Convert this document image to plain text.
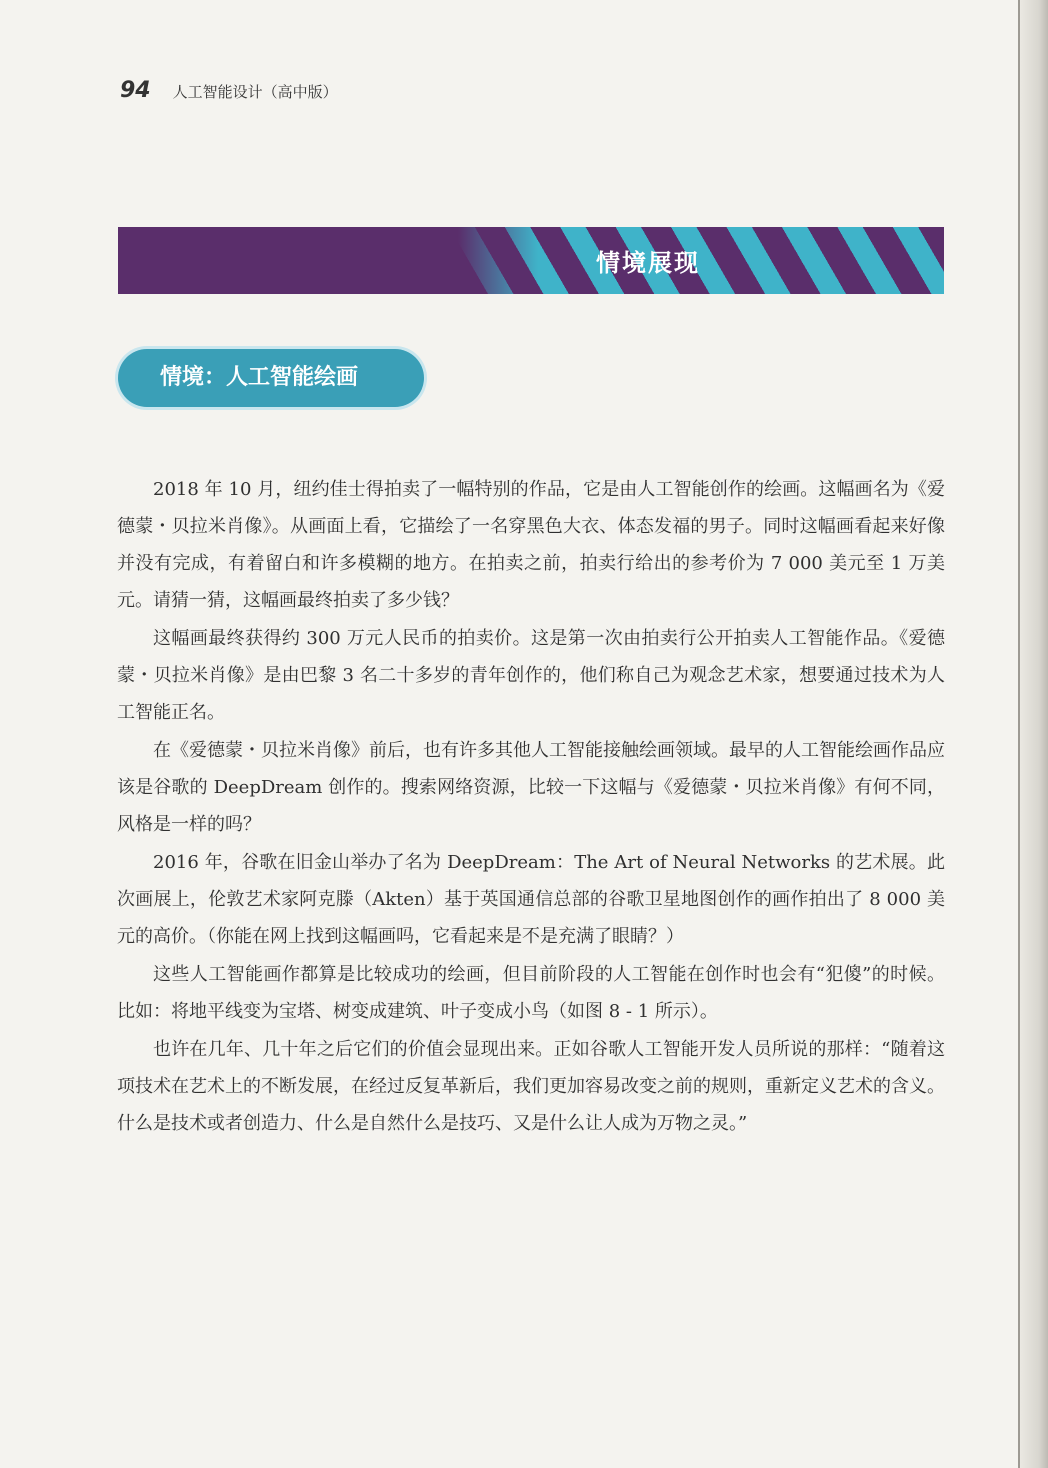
94 人工智能设计（高中版）
情境展现
情境：人工智能绘画

2018 年 10 月，纽约佳士得拍卖了一幅特别的作品，它是由人工智能创作的绘画。这幅画名为《爱德蒙・贝拉米肖像》。从画面上看，它描绘了一名穿黑色大衣、体态发福的男子。同时这幅画看起来好像并没有完成，有着留白和许多模糊的地方。在拍卖之前，拍卖行给出的参考价为 7 000 美元至 1 万美元。请猜一猜，这幅画最终拍卖了多少钱？

这幅画最终获得约 300 万元人民币的拍卖价。这是第一次由拍卖行公开拍卖人工智能作品。《爱德蒙・贝拉米肖像》是由巴黎 3 名二十多岁的青年创作的，他们称自己为观念艺术家，想要通过技术为人工智能正名。

在《爱德蒙・贝拉米肖像》前后，也有许多其他人工智能接触绘画领域。最早的人工智能绘画作品应该是谷歌的 DeepDream 创作的。搜索网络资源，比较一下这幅与《爱德蒙・贝拉米肖像》有何不同，风格是一样的吗？

2016 年，谷歌在旧金山举办了名为 DeepDream：The Art of Neural Networks 的艺术展。此次画展上，伦敦艺术家阿克滕（Akten）基于英国通信总部的谷歌卫星地图创作的画作拍出了 8 000 美元的高价。（你能在网上找到这幅画吗，它看起来是不是充满了眼睛？）

这些人工智能画作都算是比较成功的绘画，但目前阶段的人工智能在创作时也会有“犯傻”的时候。比如：将地平线变为宝塔、树变成建筑、叶子变成小鸟（如图 8 - 1 所示）。

也许在几年、几十年之后它们的价值会显现出来。正如谷歌人工智能开发人员所说的那样：“随着这项技术在艺术上的不断发展，在经过反复革新后，我们更加容易改变之前的规则，重新定义艺术的含义。什么是技术或者创造力、什么是自然什么是技巧、又是什么让人成为万物之灵。”
